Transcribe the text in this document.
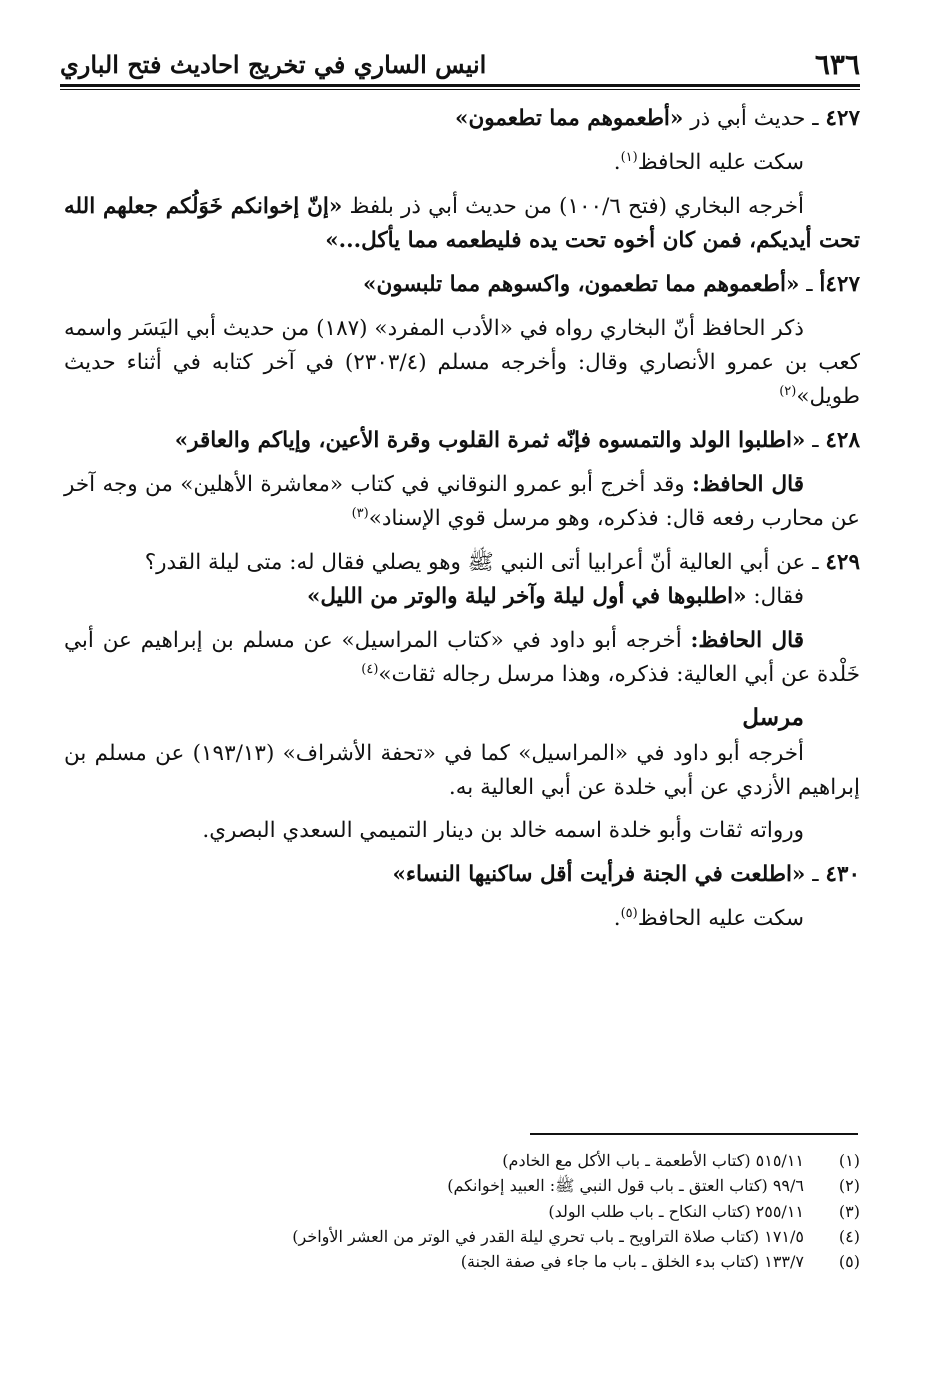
٦٣٦
انيس الساري في تخريج احاديث فتح الباري

٤٢٧ ـ حديث أبي ذر «أطعموهم مما تطعمون»

سكت عليه الحافظ$^{(١)}$.

أخرجه البخاري (فتح ١٠٠/٦) من حديث أبي ذر بلفظ «إنّ إخوانكم خَوَلُكم جعلهم الله تحت أيديكم، فمن كان أخوه تحت يده فليطعمه مما يأكل...»

٤٢٧أ ـ «أطعموهم مما تطعمون، واكسوهم مما تلبسون»

ذكر الحافظ أنّ البخاري رواه في «الأدب المفرد» (١٨٧) من حديث أبي اليَسَر واسمه كعب بن عمرو الأنصاري وقال: وأخرجه مسلم (٢٣٠٣/٤) في آخر كتابه في أثناء حديث طويل»$^{(٢)}$

٤٢٨ ـ «اطلبوا الولد والتمسوه فإنّه ثمرة القلوب وقرة الأعين، وإياكم والعاقر»

قال الحافظ: وقد أخرج أبو عمرو النوقاني في كتاب «معاشرة الأهلين» من وجه آخر عن محارب رفعه قال: فذكره، وهو مرسل قوي الإسناد»$^{(٣)}$

٤٢٩ ـ عن أبي العالية أنّ أعرابيا أتى النبي ﷺ وهو يصلي فقال له: متى ليلة القدر؟
فقال: «اطلبوها في أول ليلة وآخر ليلة والوتر من الليل»

قال الحافظ: أخرجه أبو داود في «كتاب المراسيل» عن مسلم بن إبراهيم عن أبي خَلْدة عن أبي العالية: فذكره، وهذا مرسل رجاله ثقات»$^{(٤)}$

مرسل

أخرجه أبو داود في «المراسيل» كما في «تحفة الأشراف» (١٩٣/١٣) عن مسلم بن إبراهيم الأزدي عن أبي خلدة عن أبي العالية به.

ورواته ثقات وأبو خلدة اسمه خالد بن دينار التميمي السعدي البصري.

٤٣٠ ـ «اطلعت في الجنة فرأيت أقل ساكنيها النساء»

سكت عليه الحافظ$^{(٥)}$.

(١)
٥١٥/١١ (كتاب الأطعمة ـ باب الأكل مع الخادم)
(٢)
٩٩/٦ (كتاب العتق ـ باب قول النبي ﷺ: العبيد إخوانكم)
(٣)
٢٥٥/١١ (كتاب النكاح ـ باب طلب الولد)
(٤)
١٧١/٥ (كتاب صلاة التراويح ـ باب تحري ليلة القدر في الوتر من العشر الأواخر)
(٥)
١٣٣/٧ (كتاب بدء الخلق ـ باب ما جاء في صفة الجنة)
